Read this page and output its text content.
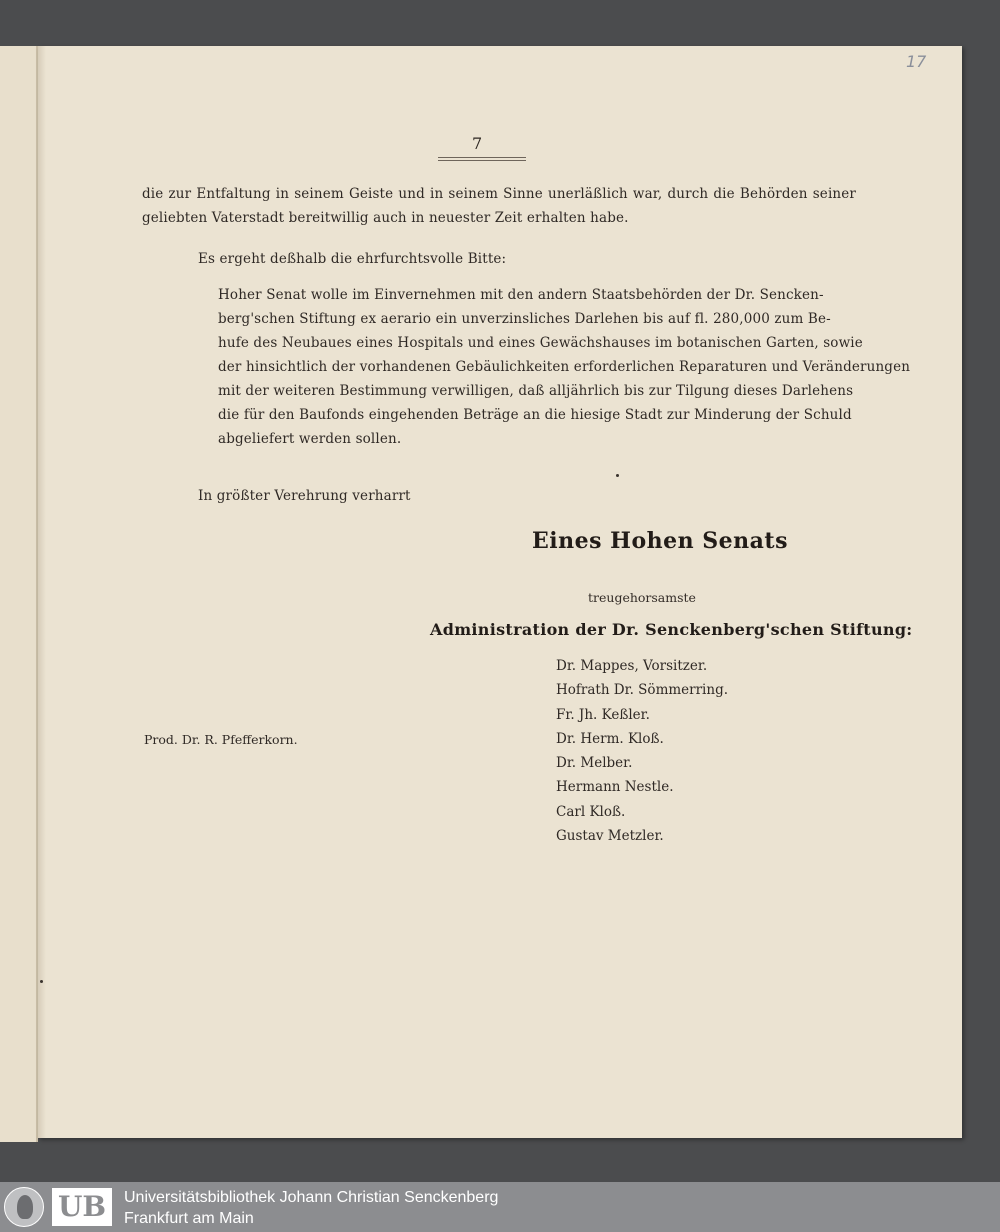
17
7
die zur Entfaltung in seinem Geiste und in seinem Sinne unerläßlich war, durch die Behörden seiner
geliebten Vaterstadt bereitwillig auch in neuester Zeit erhalten habe.
Es ergeht deßhalb die ehrfurchtsvolle Bitte:
Hoher Senat wolle im Einvernehmen mit den andern Staatsbehörden der Dr. Sencken-
berg'schen Stiftung ex aerario ein unverzinsliches Darlehen bis auf fl. 280,000 zum Be-
hufe des Neubaues eines Hospitals und eines Gewächshauses im botanischen Garten, sowie
der hinsichtlich der vorhandenen Gebäulichkeiten erforderlichen Reparaturen und Veränderungen
mit der weiteren Bestimmung verwilligen, daß alljährlich bis zur Tilgung dieses Darlehens
die für den Baufonds eingehenden Beträge an die hiesige Stadt zur Minderung der Schuld
abgeliefert werden sollen.
In größter Verehrung verharrt
Eines Hohen Senats
treugehorsamste
Administration der Dr. Senckenberg'schen Stiftung:
Dr. Mappes, Vorsitzer.
Hofrath Dr. Sömmerring.
Fr. Jh. Keßler.
Dr. Herm. Kloß.
Dr. Melber.
Hermann Nestle.
Carl Kloß.
Gustav Metzler.
Prod. Dr. R. Pfefferkorn.
UB	Universitätsbibliothek Johann Christian Senckenberg
Frankfurt am Main
